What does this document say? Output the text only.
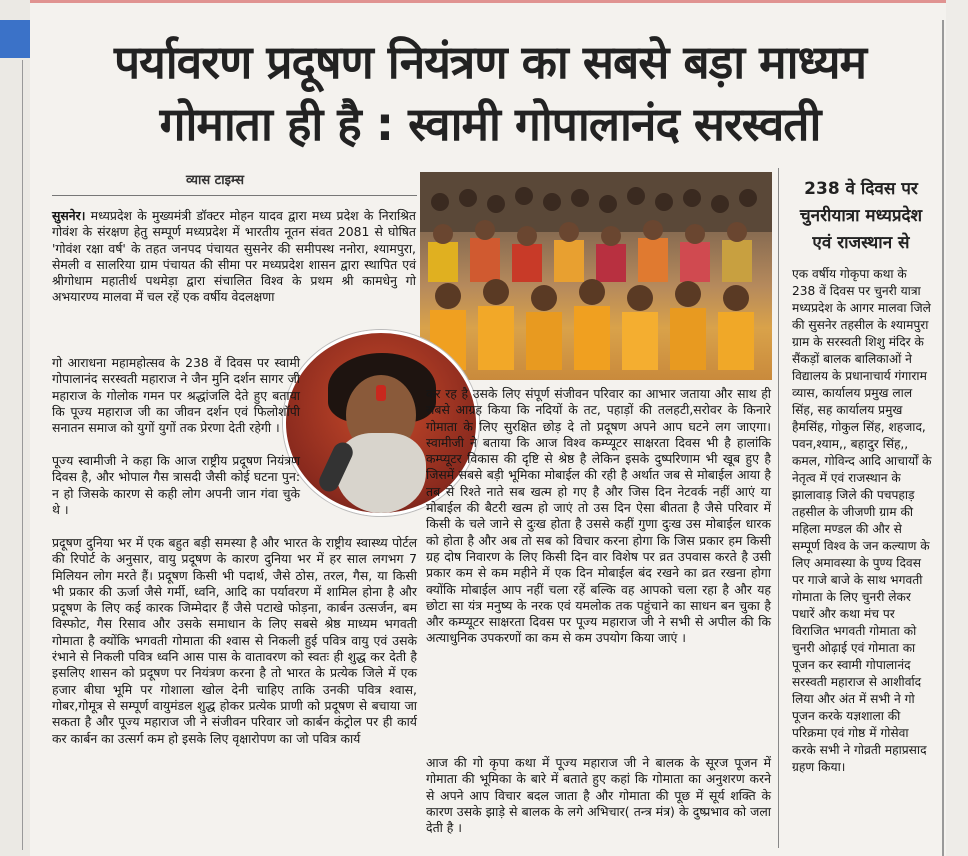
पर्यावरण प्रदूषण नियंत्रण का सबसे बड़ा माध्यम
गोमाता ही है : स्वामी गोपालानंद सरस्वती
व्यास टाइम्स
सुसनेर। मध्यप्रदेश के मुख्यमंत्री डॉक्टर मोहन यादव द्वारा मध्य प्रदेश के निराश्रित गोवंश के संरक्षण हेतु सम्पूर्ण मध्यप्रदेश में भारतीय नूतन संवत 2081 से घोषित 'गोवंश रक्षा वर्ष' के तहत जनपद पंचायत सुसनेर की समीपस्थ ननोरा, श्यामपुरा, सेमली व सालरिया ग्राम पंचायत की सीमा पर मध्यप्रदेश शासन द्वारा स्थापित एवं श्रीगोधाम महातीर्थ पथमेड़ा द्वारा संचालित विश्व के प्रथम श्री कामधेनु गो अभयारण्य मालवा में चल रहें एक वर्षीय वेदलक्षणा
गो आराधना महामहोत्सव के 238 वें दिवस पर स्वामी गोपालानंद सरस्वती महाराज ने जैन मुनि दर्शन सागर जी महाराज के गोलोक गमन पर श्रद्धांजलि देते हुए बताया कि पूज्य महाराज जी का जीवन दर्शन एवं फिलोशॉपी सनातन समाज को युगों युगों तक प्रेरणा देती रहेगी ।
पूज्य स्वामीजी ने कहा कि आज राष्ट्रीय प्रदूषण नियंत्रण दिवस है, और भोपाल गैस त्रासदी जैसी कोई घटना पुन: न हो जिसके कारण से कही लोग अपनी जान गंवा चुके थे ।
प्रदूषण दुनिया भर में एक बहुत बड़ी समस्या है और भारत के राष्ट्रीय स्वास्थ्य पोर्टल की रिपोर्ट के अनुसार, वायु प्रदूषण के कारण दुनिया भर में हर साल लगभग 7 मिलियन लोग मरते हैं। प्रदूषण किसी भी पदार्थ, जैसे ठोस, तरल, गैस, या किसी भी प्रकार की ऊर्जा जैसे गर्मी, ध्वनि, आदि का पर्यावरण में शामिल होना है और प्रदूषण के लिए कई कारक जिम्मेदार हैं जैसे पटाखे फोड़ना, कार्बन उत्सर्जन, बम विस्फोट, गैस रिसाव और उसके समाधान के लिए सबसे श्रेष्ठ माध्यम भगवती गोमाता है क्योंकि भगवती गोमाता की श्वास से निकली हुई पवित्र वायु एवं उसके रंभाने से निकली पवित्र ध्वनि आस पास के वातावरण को स्वतः ही शुद्ध कर देती है इसलिए शासन को प्रदूषण पर नियंत्रण करना है तो भारत के प्रत्येक जिले में एक हजार बीघा भूमि पर गोशाला खोल देनी चाहिए ताकि उनकी पवित्र श्वास, गोबर,गोमूत्र से सम्पूर्ण वायुमंडल शुद्ध होकर प्रत्येक प्राणी को प्रदूषण से बचाया जा सकता है और पूज्य महाराज जी ने संजीवन परिवार जो कार्बन कंट्रोल पर ही कार्य कर कार्बन का उत्सर्ग कम हो इसके लिए वृक्षारोपण का जो पवित्र कार्य
कर रह है उसके लिए संपूर्ण संजीवन परिवार का आभार जताया और साथ ही सबसे आग्रह किया कि नदियों के तट, पहाड़ों की तलहटी,सरोवर के किनारे गोमाता के लिए सुरक्षित छोड़ दे तो प्रदूषण अपने आप घटने लग जाएगा। स्वामीजी ने बताया कि आज विश्व कम्प्यूटर साक्षरता दिवस भी है हालांकि कम्प्यूटर विकास की दृष्टि से श्रेष्ठ है लेकिन इसके दुष्परिणाम भी खूब हुए है जिसमें सबसे बड़ी भूमिका मोबाईल की रही है अर्थात जब से मोबाईल आया है तब से रिश्ते नाते सब खत्म हो गए है और जिस दिन नेटवर्क नहीं आएं या मोबाईल की बैटरी खत्म हो जाएं तो उस दिन ऐसा बीतता है जैसे परिवार में किसी के चले जाने से दुःख होता है उससे कहीं गुणा दुःख उस मोबाईल धारक को होता है और अब तो सब को विचार करना होगा कि जिस प्रकार हम किसी ग्रह दोष निवारण के लिए किसी दिन वार विशेष पर व्रत उपवास करते है उसी प्रकार कम से कम महीने में एक दिन मोबाईल बंद रखने का व्रत रखना होगा क्योंकि मोबाईल आप नहीं चला रहें बल्कि वह आपको चला रहा है और यह छोटा सा यंत्र मनुष्य के नरक एवं यमलोक तक पहुंचाने का साधन बन चुका है और कम्प्यूटर साक्षरता दिवस पर पूज्य महाराज जी ने सभी से अपील की कि अत्याधुनिक उपकरणों का कम से कम उपयोग किया जाएं ।
आज की गो कृपा कथा में पूज्य महाराज जी ने बालक के सूरज पूजन में गोमाता की भूमिका के बारे में बताते हुए कहां कि गोमाता का अनुशरण करने से अपने आप विचार बदल जाता है और गोमाता की पूछ में सूर्य शक्ति के कारण उसके झाड़े से बालक के लगे अभिचार( तन्त्र मंत्र) के दुष्प्रभाव को जला देती है ।
238 वे दिवस पर
चुनरीयात्रा मध्यप्रदेश
एवं राजस्थान से
एक वर्षीय गोकृपा कथा के 238 वें दिवस पर चुनरी यात्रा मध्यप्रदेश के आगर मालवा जिले की सुसनेर तहसील के श्यामपुरा ग्राम के सरस्वती शिशु मंदिर के सैंकड़ों बालक बालिकाओं ने विद्यालय के प्रधानाचार्य गंगाराम व्यास, कार्यालय प्रमुख लाल सिंह, सह कार्यालय प्रमुख हैमसिंह, गोकुल सिंह, शहजाद, पवन,श्याम,, बहादुर सिंह,, कमल, गोविन्द आदि आचार्यों के नेतृत्व में एवं राजस्थान के झालावाड़ जिले की पचपहाड़ तहसील के जीजणी ग्राम की महिला मण्डल की और से सम्पूर्ण विश्व के जन कल्याण के लिए अमावस्या के पुण्य दिवस पर गाजे बाजे के साथ भगवती गोमाता के लिए चुनरी लेकर पधारें और कथा मंच पर विराजित भगवती गोमाता को चुनरी ओढ़ाई एवं गोमाता का पूजन कर स्वामी गोपालानंद सरस्वती महाराज से आशीर्वाद लिया और अंत में सभी ने गो पूजन करके यज्ञशाला की परिक्रमा एवं गोष्ठ में गोसेवा करके सभी ने गोव्रती महाप्रसाद ग्रहण किया।
